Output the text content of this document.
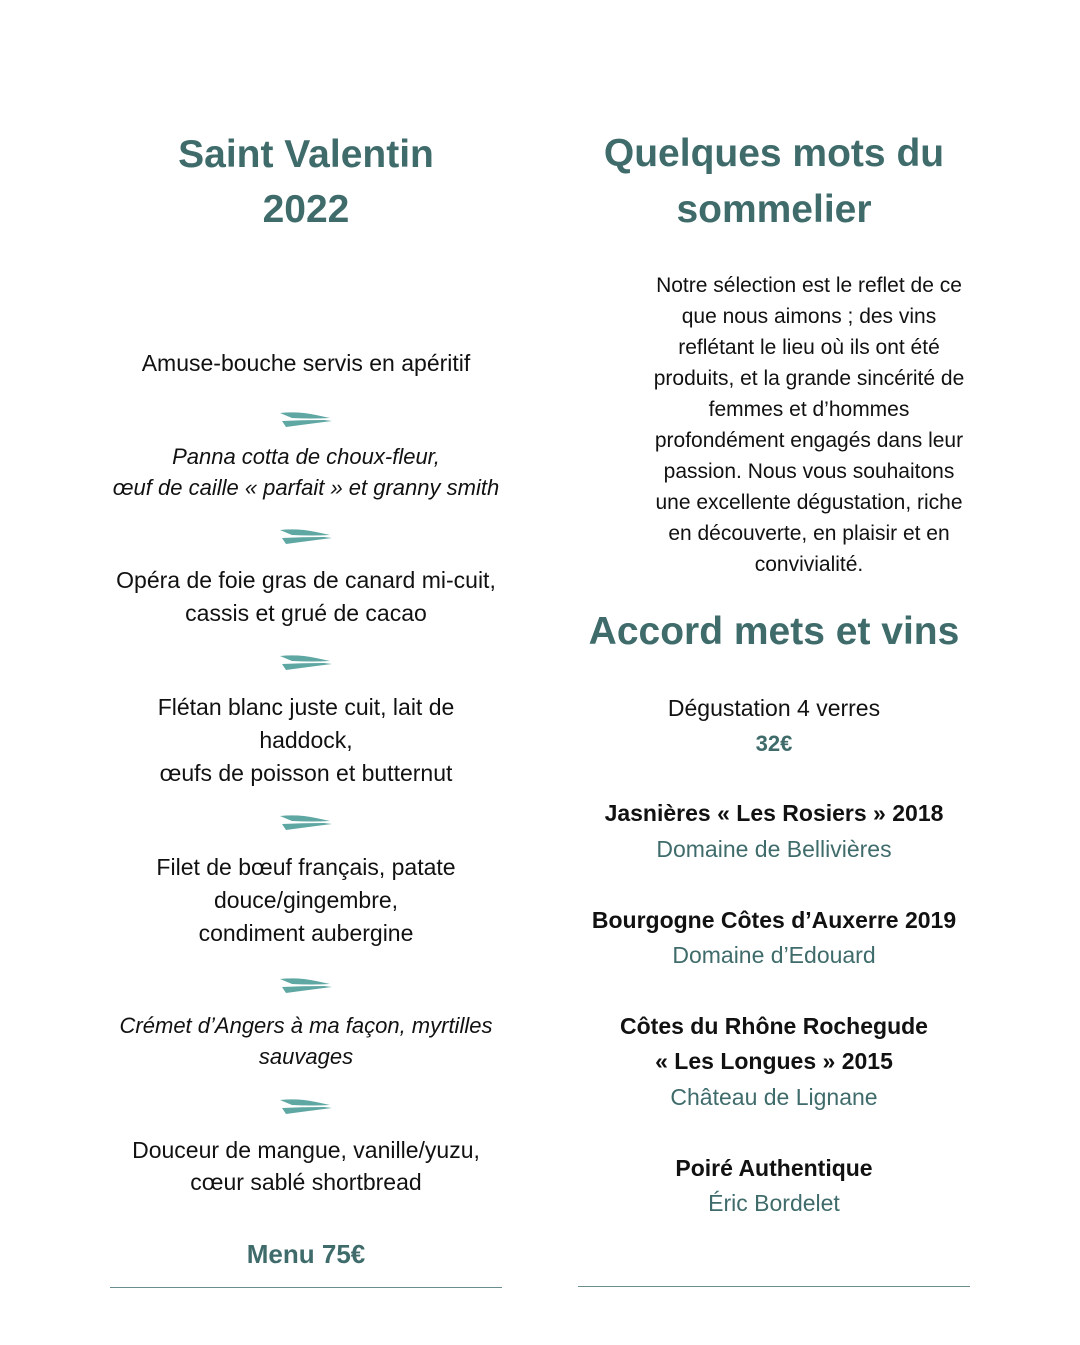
Saint Valentin
2022
Amuse-bouche servis en apéritif
Panna cotta de choux-fleur,
œuf de caille « parfait » et granny smith
Opéra de foie gras de canard mi-cuit,
cassis et grué de cacao
Flétan blanc juste cuit, lait de
haddock,
œufs de poisson et butternut
Filet de bœuf français, patate
douce/gingembre,
condiment aubergine
Crémet d’Angers à ma façon, myrtilles
sauvages
Douceur de mangue, vanille/yuzu,
cœur sablé shortbread
Menu 75€
Quelques mots du
sommelier
Notre sélection est le reflet de ce
que nous aimons ; des vins
reflétant le lieu où ils ont été
produits, et la grande sincérité de
femmes et d’hommes
profondément engagés dans leur
passion. Nous vous souhaitons
une excellente dégustation, riche
en découverte, en plaisir et en
convivialité.
Accord mets et vins
Dégustation 4 verres
32€
Jasnières « Les Rosiers » 2018
Domaine de Bellivières
Bourgogne Côtes d’Auxerre 2019
Domaine d’Edouard
Côtes du Rhône Rochegude
« Les Longues » 2015
Château de Lignane
Poiré Authentique
Éric Bordelet
